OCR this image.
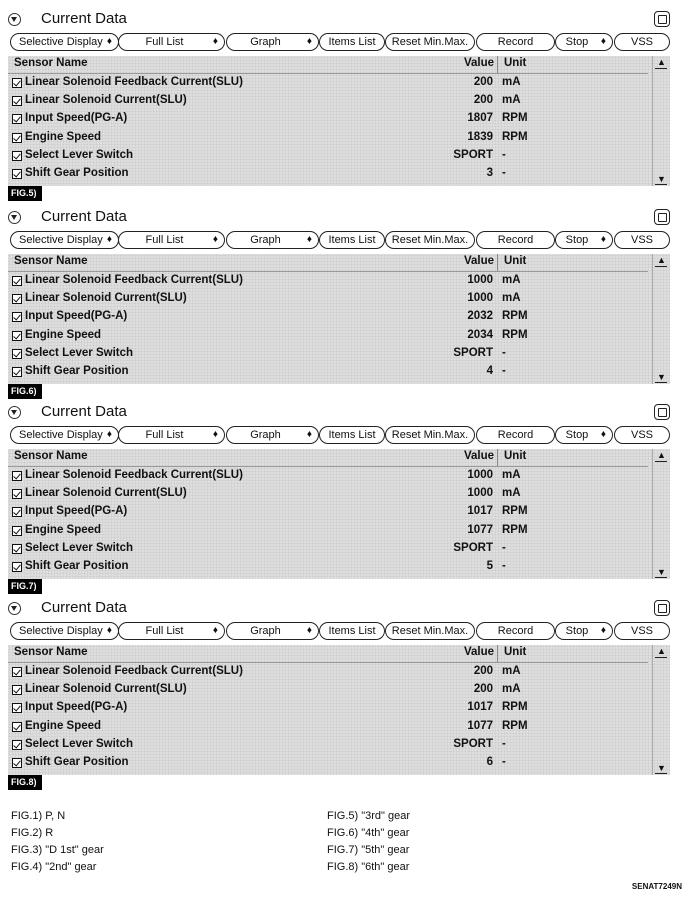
Current Data
Selective Display ♦	Full List	♦	Graph	♦	Items List	Reset Min.Max.	Record	Stop ♦	VSS
Sensor Name	Value Unit
Linear Solenoid Feedback Current(SLU)	200 mA
Linear Solenoid Current(SLU)	200 mA
Input Speed(PG-A)	1807 RPM
Engine Speed	1839 RPM
Select Lever Switch	SPORT -
Shift Gear Position	3 -
▲
▼
FIG.5)
Current Data
Selective Display ♦	Full List	♦	Graph	♦	Items List	Reset Min.Max.	Record	Stop ♦	VSS
Sensor Name	Value Unit
Linear Solenoid Feedback Current(SLU)	1000 mA
Linear Solenoid Current(SLU)	1000 mA
Input Speed(PG-A)	2032 RPM
Engine Speed	2034 RPM
Select Lever Switch	SPORT -
Shift Gear Position	4 -
▲
▼
FIG.6)
Current Data
Selective Display ♦	Full List	♦	Graph	♦	Items List	Reset Min.Max.	Record	Stop ♦	VSS
Sensor Name	Value Unit
Linear Solenoid Feedback Current(SLU)	1000 mA
Linear Solenoid Current(SLU)	1000 mA
Input Speed(PG-A)	1017 RPM
Engine Speed	1077 RPM
Select Lever Switch	SPORT -
Shift Gear Position	5 -
▲
▼
FIG.7)
Current Data
Selective Display ♦	Full List	♦	Graph	♦	Items List	Reset Min.Max.	Record	Stop ♦	VSS
Sensor Name	Value Unit
Linear Solenoid Feedback Current(SLU)	200 mA
Linear Solenoid Current(SLU)	200 mA
Input Speed(PG-A)	1017 RPM
Engine Speed	1077 RPM
Select Lever Switch	SPORT -
Shift Gear Position	6 -
▲
▼
FIG.8)
FIG.1) P, N
FIG.2) R
FIG.3) "D 1st" gear
FIG.4) "2nd" gear
FIG.5) "3rd" gear
FIG.6) "4th" gear
FIG.7) "5th" gear
FIG.8) "6th" gear
SENAT7249N
